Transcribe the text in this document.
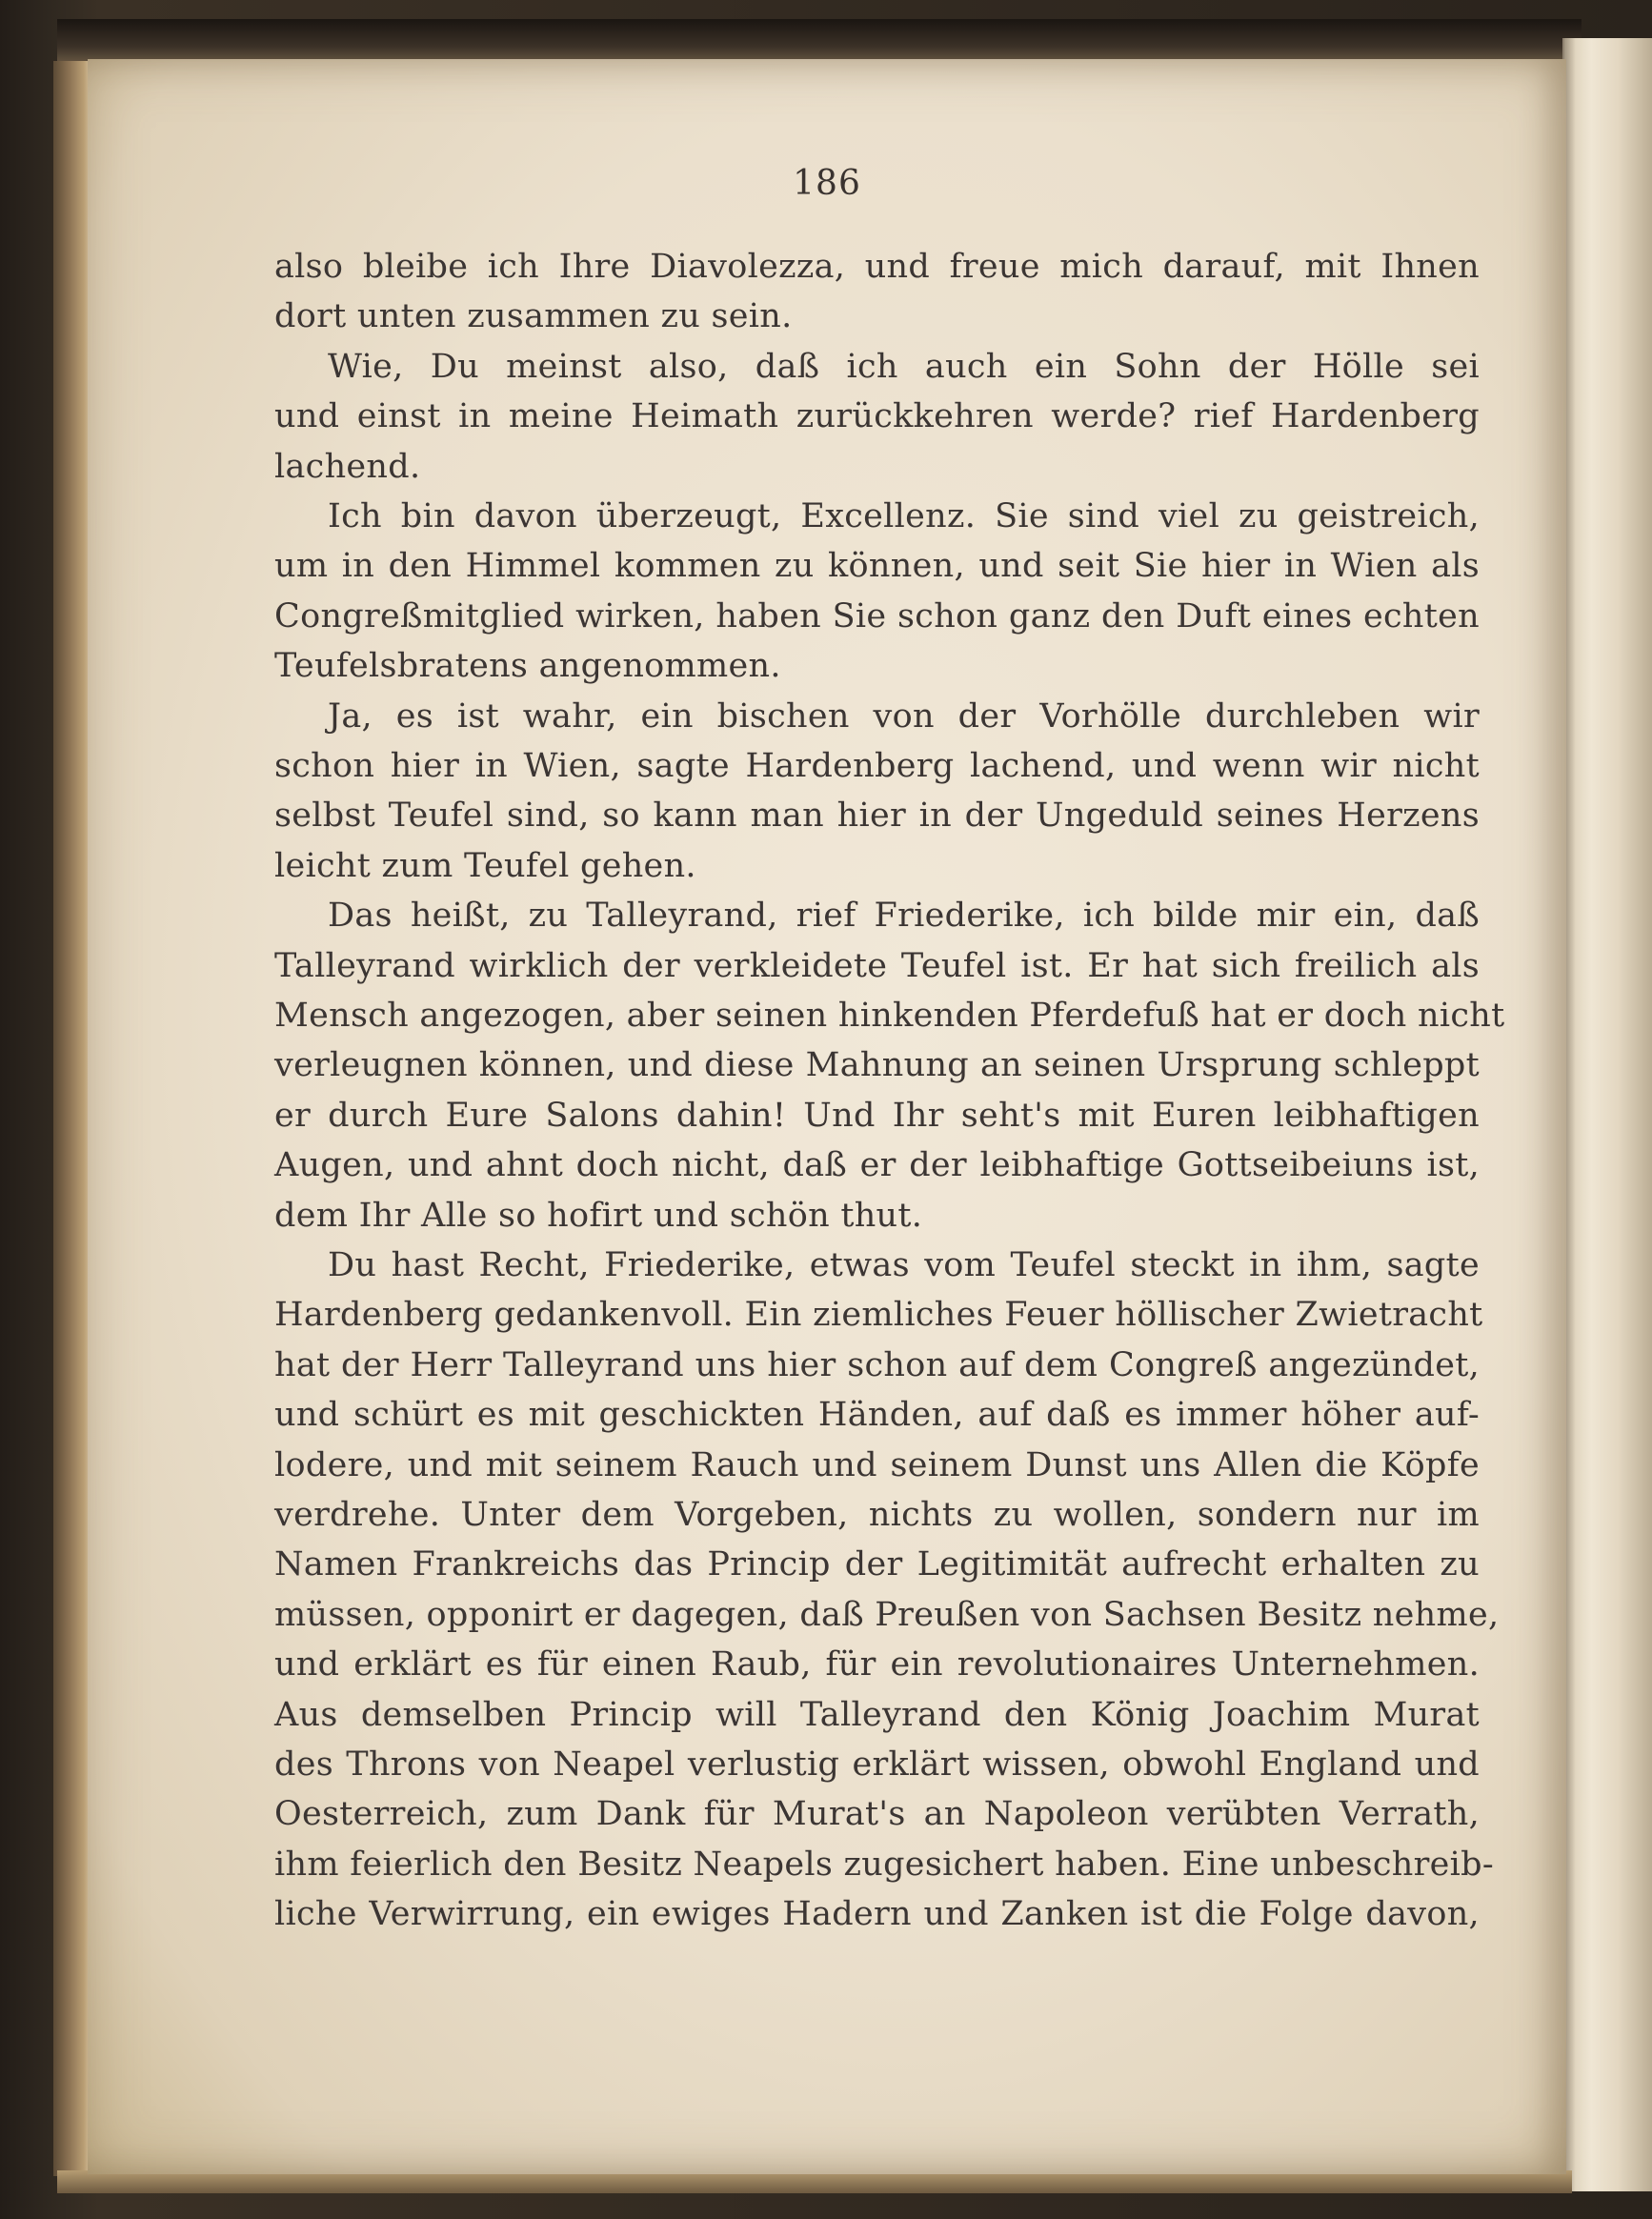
186
also bleibe ich Ihre Diavolezza, und freue mich darauf, mit Ihnen
dort unten zusammen zu sein.
Wie, Du meinst also, daß ich auch ein Sohn der Hölle sei
und einst in meine Heimath zurückkehren werde? rief Hardenberg
lachend.
Ich bin davon überzeugt, Excellenz. Sie sind viel zu geistreich,
um in den Himmel kommen zu können, und seit Sie hier in Wien als
Congreßmitglied wirken, haben Sie schon ganz den Duft eines echten
Teufelsbratens angenommen.
Ja, es ist wahr, ein bischen von der Vorhölle durchleben wir
schon hier in Wien, sagte Hardenberg lachend, und wenn wir nicht
selbst Teufel sind, so kann man hier in der Ungeduld seines Herzens
leicht zum Teufel gehen.
Das heißt, zu Talleyrand, rief Friederike, ich bilde mir ein, daß
Talleyrand wirklich der verkleidete Teufel ist. Er hat sich freilich als
Mensch angezogen, aber seinen hinkenden Pferdefuß hat er doch nicht
verleugnen können, und diese Mahnung an seinen Ursprung schleppt
er durch Eure Salons dahin! Und Ihr seht's mit Euren leibhaftigen
Augen, und ahnt doch nicht, daß er der leibhaftige Gottseibeiuns ist,
dem Ihr Alle so hofirt und schön thut.
Du hast Recht, Friederike, etwas vom Teufel steckt in ihm, sagte
Hardenberg gedankenvoll. Ein ziemliches Feuer höllischer Zwietracht
hat der Herr Talleyrand uns hier schon auf dem Congreß angezündet,
und schürt es mit geschickten Händen, auf daß es immer höher auf-
lodere, und mit seinem Rauch und seinem Dunst uns Allen die Köpfe
verdrehe. Unter dem Vorgeben, nichts zu wollen, sondern nur im
Namen Frankreichs das Princip der Legitimität aufrecht erhalten zu
müssen, opponirt er dagegen, daß Preußen von Sachsen Besitz nehme,
und erklärt es für einen Raub, für ein revolutionaires Unternehmen.
Aus demselben Princip will Talleyrand den König Joachim Murat
des Throns von Neapel verlustig erklärt wissen, obwohl England und
Oesterreich, zum Dank für Murat's an Napoleon verübten Verrath,
ihm feierlich den Besitz Neapels zugesichert haben. Eine unbeschreib-
liche Verwirrung, ein ewiges Hadern und Zanken ist die Folge davon,
